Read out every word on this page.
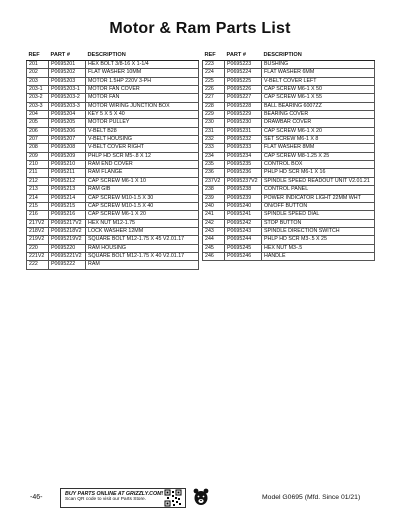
Motor & Ram Parts List
REF	PART #	DESCRIPTION
201	P0695201	HEX BOLT 3/8-16 X 1-1/4
202	P0695202	FLAT WASHER 10MM
203	P0695203	MOTOR 1.5HP 220V 3-PH
203-1	P0695203-1	MOTOR FAN COVER
203-2	P0695203-2	MOTOR FAN
203-3	P0695203-3	MOTOR WIRING JUNCTION BOX
204	P0695204	KEY 5 X 5 X 40
205	P0695205	MOTOR PULLEY
206	P0695206	V-BELT B28
207	P0695207	V-BELT HOUSING
208	P0695208	V-BELT COVER RIGHT
209	P0695209	PHLP HD SCR M5-.8 X 12
210	P0695210	RAM END COVER
211	P0695211	RAM FLANGE
212	P0695212	CAP SCREW M6-1 X 10
213	P0695213	RAM GIB
214	P0695214	CAP SCREW M10-1.5 X 30
215	P0695215	CAP SCREW M10-1.5 X 40
216	P0695216	CAP SCREW M6-1 X 20
217V2	P0695217V2	HEX NUT M12-1.75
218V2	P0695218V2	LOCK WASHER 12MM
219V2	P0695219V2	SQUARE BOLT M12-1.75 X 45 V2.01.17
220	P0695220	RAM HOUSING
221V2	P0695221V2	SQUARE BOLT M12-1.75 X 40 V2.01.17
222	P0695222	RAM
REF	PART #	DESCRIPTION
223	P0695223	BUSHING
224	P0695224	FLAT WASHER 6MM
225	P0695225	V-BELT COVER LEFT
226	P0695226	CAP SCREW M6-1 X 50
227	P0695227	CAP SCREW M6-1 X 55
228	P0695228	BALL BEARING 6007ZZ
229	P0695229	BEARING COVER
230	P0695230	DRAWBAR COVER
231	P0695231	CAP SCREW M6-1 X 20
232	P0695232	SET SCREW M6-1 X 8
233	P0695233	FLAT WASHER 8MM
234	P0695234	CAP SCREW M8-1.25 X 25
235	P0695235	CONTROL BOX
236	P0695236	PHLP HD SCR M6-1 X 16
237V2	P0695237V2	SPINDLE SPEED READOUT UNIT V2.01.21
238	P0695238	CONTROL PANEL
239	P0695239	POWER INDICATOR LIGHT 22MM WHT
240	P0695240	ON/OFF BUTTON
241	P0695241	SPINDLE SPEED DIAL
242	P0695242	STOP BUTTON
243	P0695243	SPINDLE DIRECTION SWITCH
244	P0695244	PHLP HD SCR M3-.5 X 25
245	P0695245	HEX NUT M3-.5
246	P0695246	HANDLE
-46-	BUY PARTS ONLINE AT GRIZZLY.COM!
Scan QR code to visit our Parts Store.	Model G0695 (Mfd. Since 01/21)
